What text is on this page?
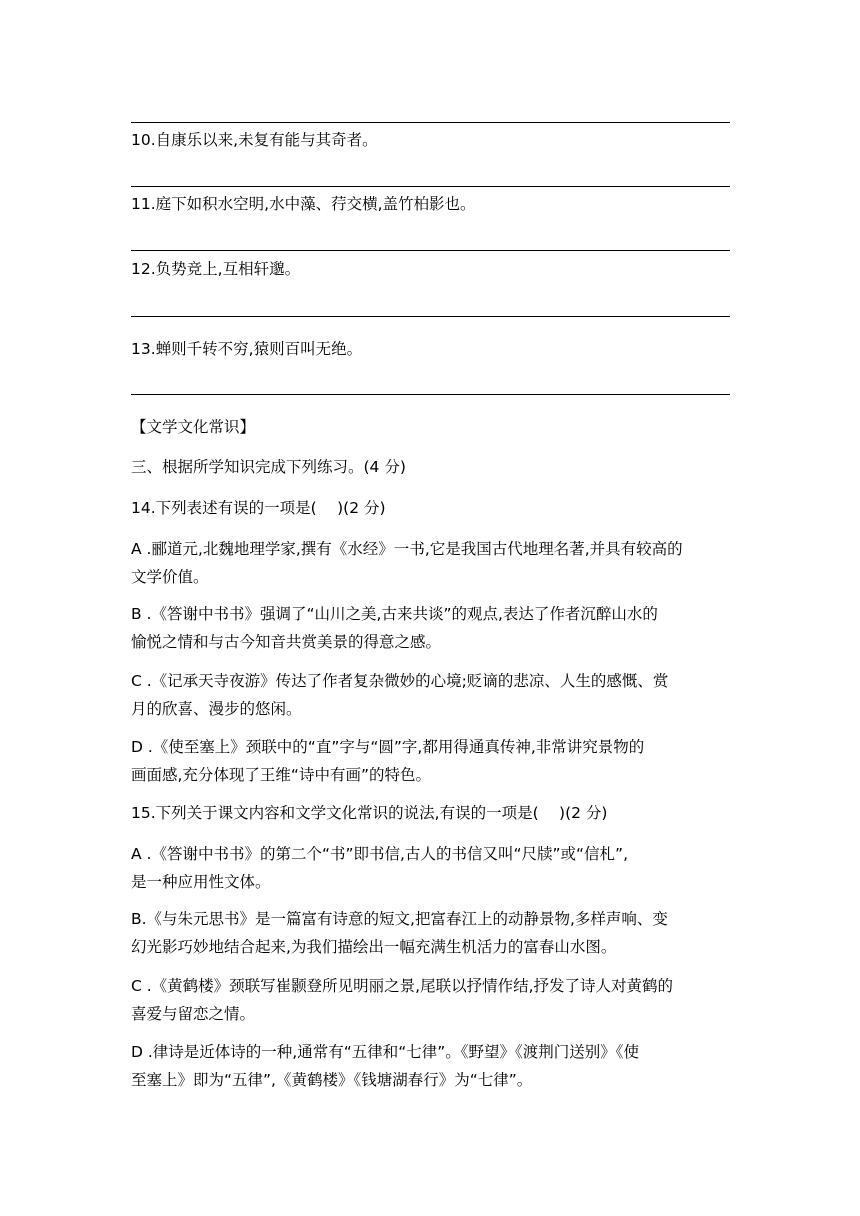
10.自康乐以来,未复有能与其奇者。
11.庭下如积水空明,水中藻、荇交横,盖竹柏影也。
12.负势竞上,互相轩邈。
13.蝉则千转不穷,猿则百叫无绝。
【文学文化常识】
三、根据所学知识完成下列练习。(4 分)
14.下列表述有误的一项是(　 )(2 分)
A .郦道元,北魏地理学家,撰有《水经》一书,它是我国古代地理名著,并具有较高的
文学价值。
B .《答谢中书书》强调了“山川之美,古来共谈”的观点,表达了作者沉醉山水的
愉悦之情和与古今知音共赏美景的得意之感。
C .《记承天寺夜游》传达了作者复杂微妙的心境;贬谪的悲凉、人生的感慨、赏
月的欣喜、漫步的悠闲。
D .《使至塞上》颈联中的“直”字与“圆”字,都用得通真传神,非常讲究景物的
画面感,充分体现了王维“诗中有画”的特色。
15.下列关于课文内容和文学文化常识的说法,有误的一项是(　 )(2 分)
A .《答谢中书书》的第二个“书”即书信,古人的书信又叫“尺牍”或“信札”,
是一种应用性文体。
B.《与朱元思书》是一篇富有诗意的短文,把富春江上的动静景物,多样声响、变
幻光影巧妙地结合起来,为我们描绘出一幅充满生机活力的富春山水图。
C .《黄鹤楼》颈联写崔颢登所见明丽之景,尾联以抒情作结,抒发了诗人对黄鹤的
喜爱与留恋之情。
D .律诗是近体诗的一种,通常有“五律和“七律”。《野望》《渡荆门送别》《使
至塞上》即为“五律”,《黄鹤楼》《钱塘湖春行》为“七律”。
